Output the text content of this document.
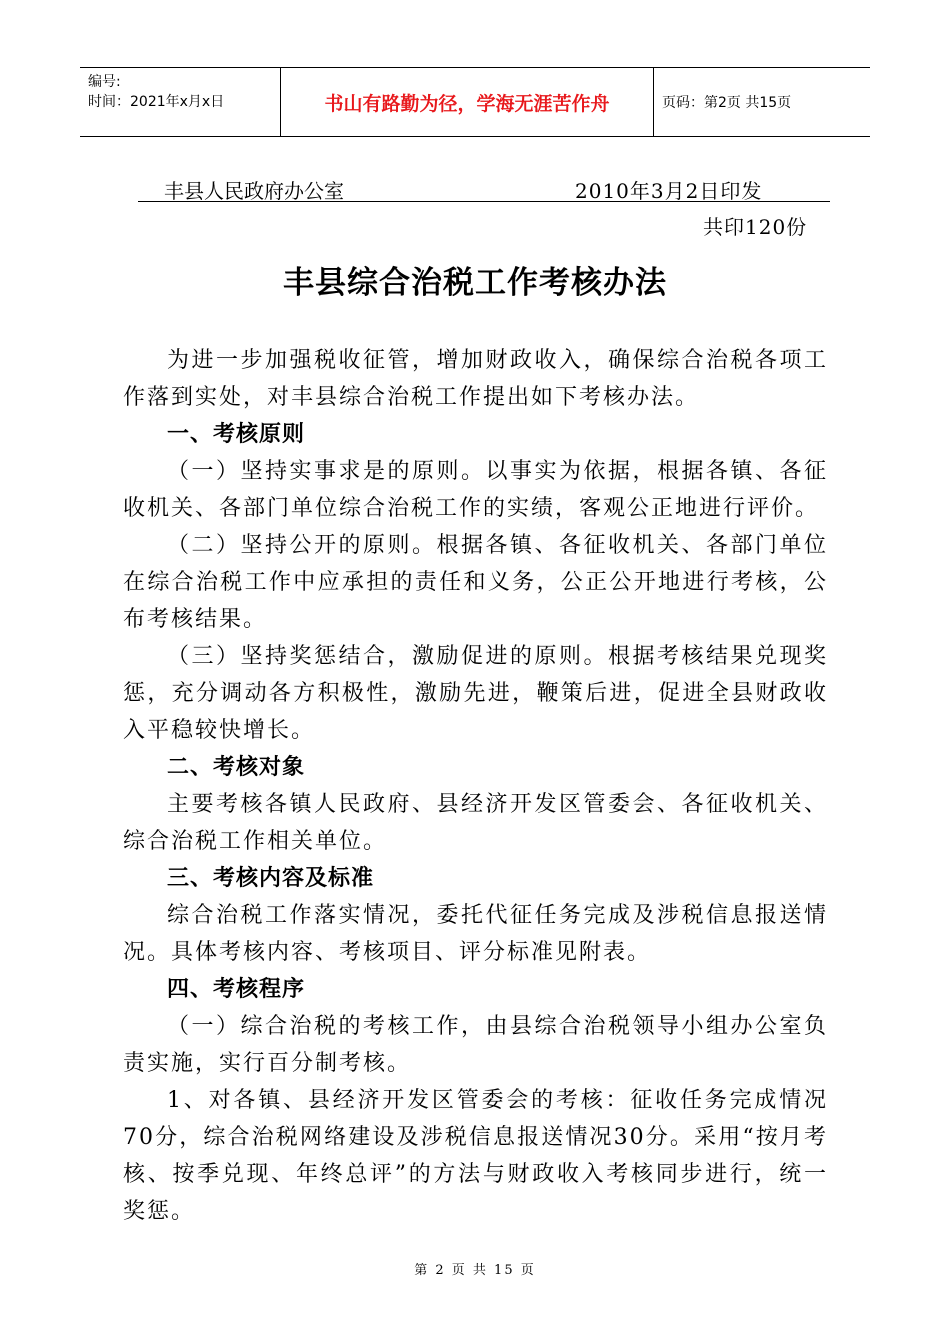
编号:
时间：2021年x月x日	书山有路勤为径，学海无涯苦作舟	页码：第2页 共15页
丰县人民政府办公室	2010年3月2日印发
共印120份
丰县综合治税工作考核办法

为进一步加强税收征管，增加财政收入，确保综合治税各项工作落到实处，对丰县综合治税工作提出如下考核办法。

一、考核原则

（一）坚持实事求是的原则。以事实为依据，根据各镇、各征收机关、各部门单位综合治税工作的实绩，客观公正地进行评价。

（二）坚持公开的原则。根据各镇、各征收机关、各部门单位在综合治税工作中应承担的责任和义务，公正公开地进行考核，公布考核结果。

（三）坚持奖惩结合，激励促进的原则。根据考核结果兑现奖惩，充分调动各方积极性，激励先进，鞭策后进，促进全县财政收入平稳较快增长。

二、考核对象

主要考核各镇人民政府、县经济开发区管委会、各征收机关、综合治税工作相关单位。

三、考核内容及标准

综合治税工作落实情况，委托代征任务完成及涉税信息报送情况。具体考核内容、考核项目、评分标准见附表。

四、考核程序

（一）综合治税的考核工作，由县综合治税领导小组办公室负责实施，实行百分制考核。

1、对各镇、县经济开发区管委会的考核：征收任务完成情况70分，综合治税网络建设及涉税信息报送情况30分。采用“按月考核、按季兑现、年终总评”的方法与财政收入考核同步进行，统一奖惩。

第 2 页 共 15 页
